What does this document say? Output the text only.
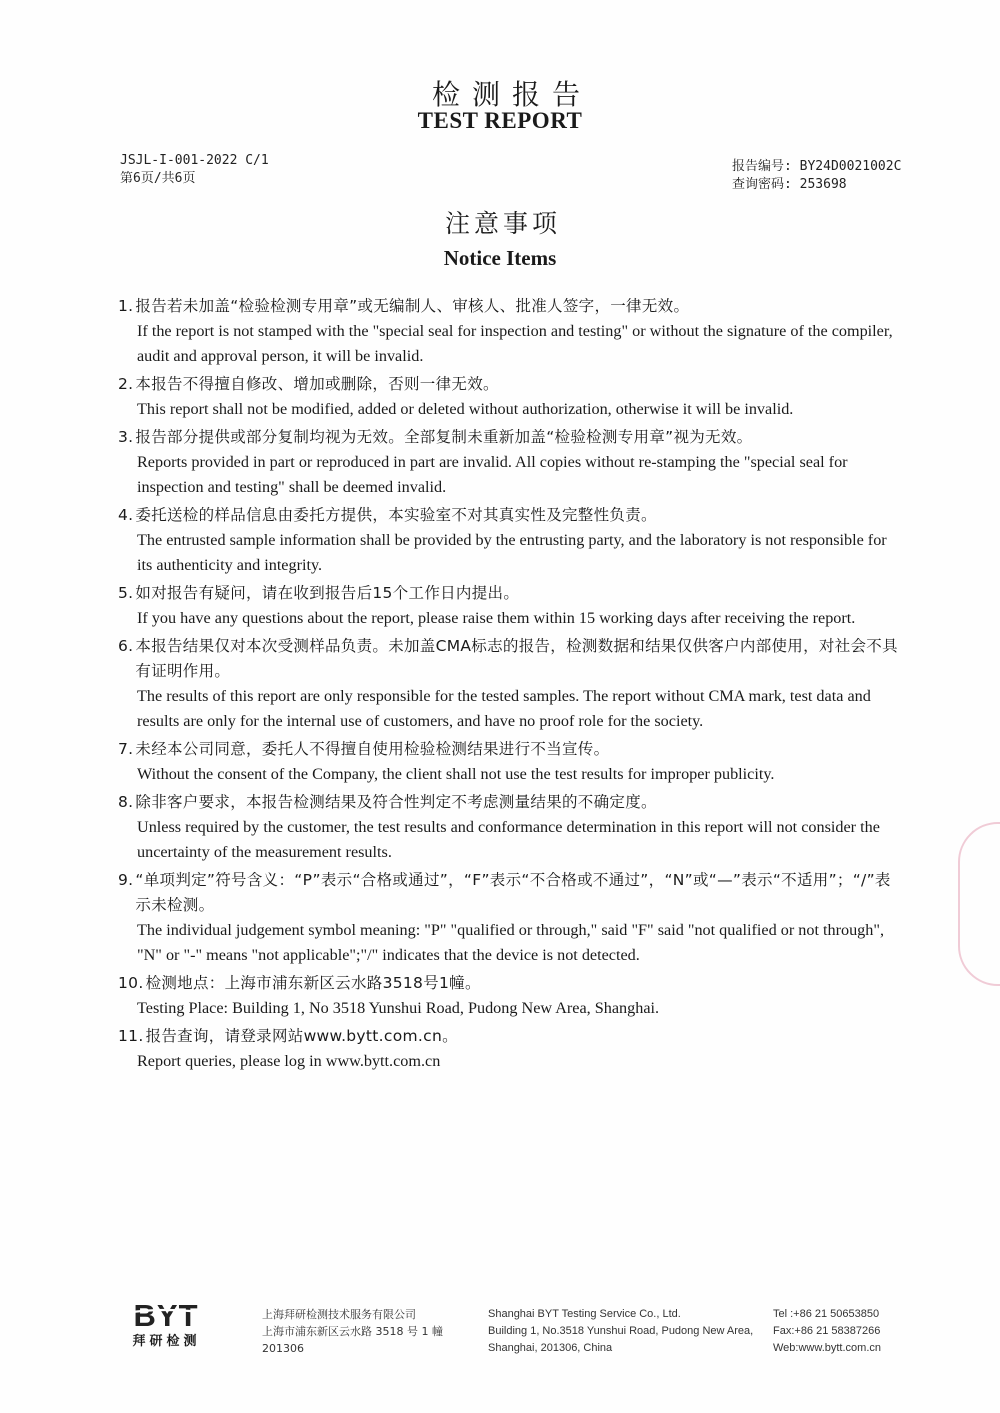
检测报告
TEST REPORT
JSJL-I-001-2022 C/1
第6页/共6页
报告编号: BY24D0021002C
查询密码: 253698
注意事项
Notice Items
1. 报告若未加盖“检验检测专用章”或无编制人、审核人、批准人签字，一律无效。
If the report is not stamped with the "special seal for inspection and testing" or without the signature of the compiler, audit and approval person, it will be invalid.
2. 本报告不得擅自修改、增加或删除，否则一律无效。
This report shall not be modified, added or deleted without authorization, otherwise it will be invalid.
3. 报告部分提供或部分复制均视为无效。全部复制未重新加盖“检验检测专用章”视为无效。
Reports provided in part or reproduced in part are invalid. All copies without re-stamping the "special seal for inspection and testing" shall be deemed invalid.
4. 委托送检的样品信息由委托方提供，本实验室不对其真实性及完整性负责。
The entrusted sample information shall be provided by the entrusting party, and the laboratory is not responsible for its authenticity and integrity.
5. 如对报告有疑问，请在收到报告后15个工作日内提出。
If you have any questions about the report, please raise them within 15 working days after receiving the report.
6. 本报告结果仅对本次受测样品负责。未加盖CMA标志的报告，检测数据和结果仅供客户内部使用，对社会不具有证明作用。
The results of this report are only responsible for the tested samples. The report without CMA mark, test data and results are only for the internal use of customers, and have no proof role for the society.
7. 未经本公司同意，委托人不得擅自使用检验检测结果进行不当宣传。
Without the consent of the Company, the client shall not use the test results for improper publicity.
8. 除非客户要求，本报告检测结果及符合性判定不考虑测量结果的不确定度。
Unless required by the customer, the test results and conformance determination in this report will not consider the uncertainty of the measurement results.
9. “单项判定”符号含义：“P”表示“合格或通过”，“F”表示“不合格或不通过”，“N”或“—”表示“不适用”；“/”表示未检测。
The individual judgement symbol meaning: "P" "qualified or through," said "F" said "not qualified or not through", "N" or "-" means "not applicable";"/" indicates that the device is not detected.
10. 检测地点：上海市浦东新区云水路3518号1幢。
Testing Place: Building 1, No 3518 Yunshui Road, Pudong New Area, Shanghai.
11. 报告查询，请登录网站www.bytt.com.cn。
Report queries, please log in www.bytt.com.cn
BYT
拜研检测
上海拜研检测技术服务有限公司
上海市浦东新区云水路 3518 号 1 幢
201306
Shanghai BYT Testing Service Co., Ltd.
Building 1, No.3518 Yunshui Road, Pudong New Area,
Shanghai, 201306, China
Tel :+86 21 50653850
Fax:+86 21 58387266
Web:www.bytt.com.cn
